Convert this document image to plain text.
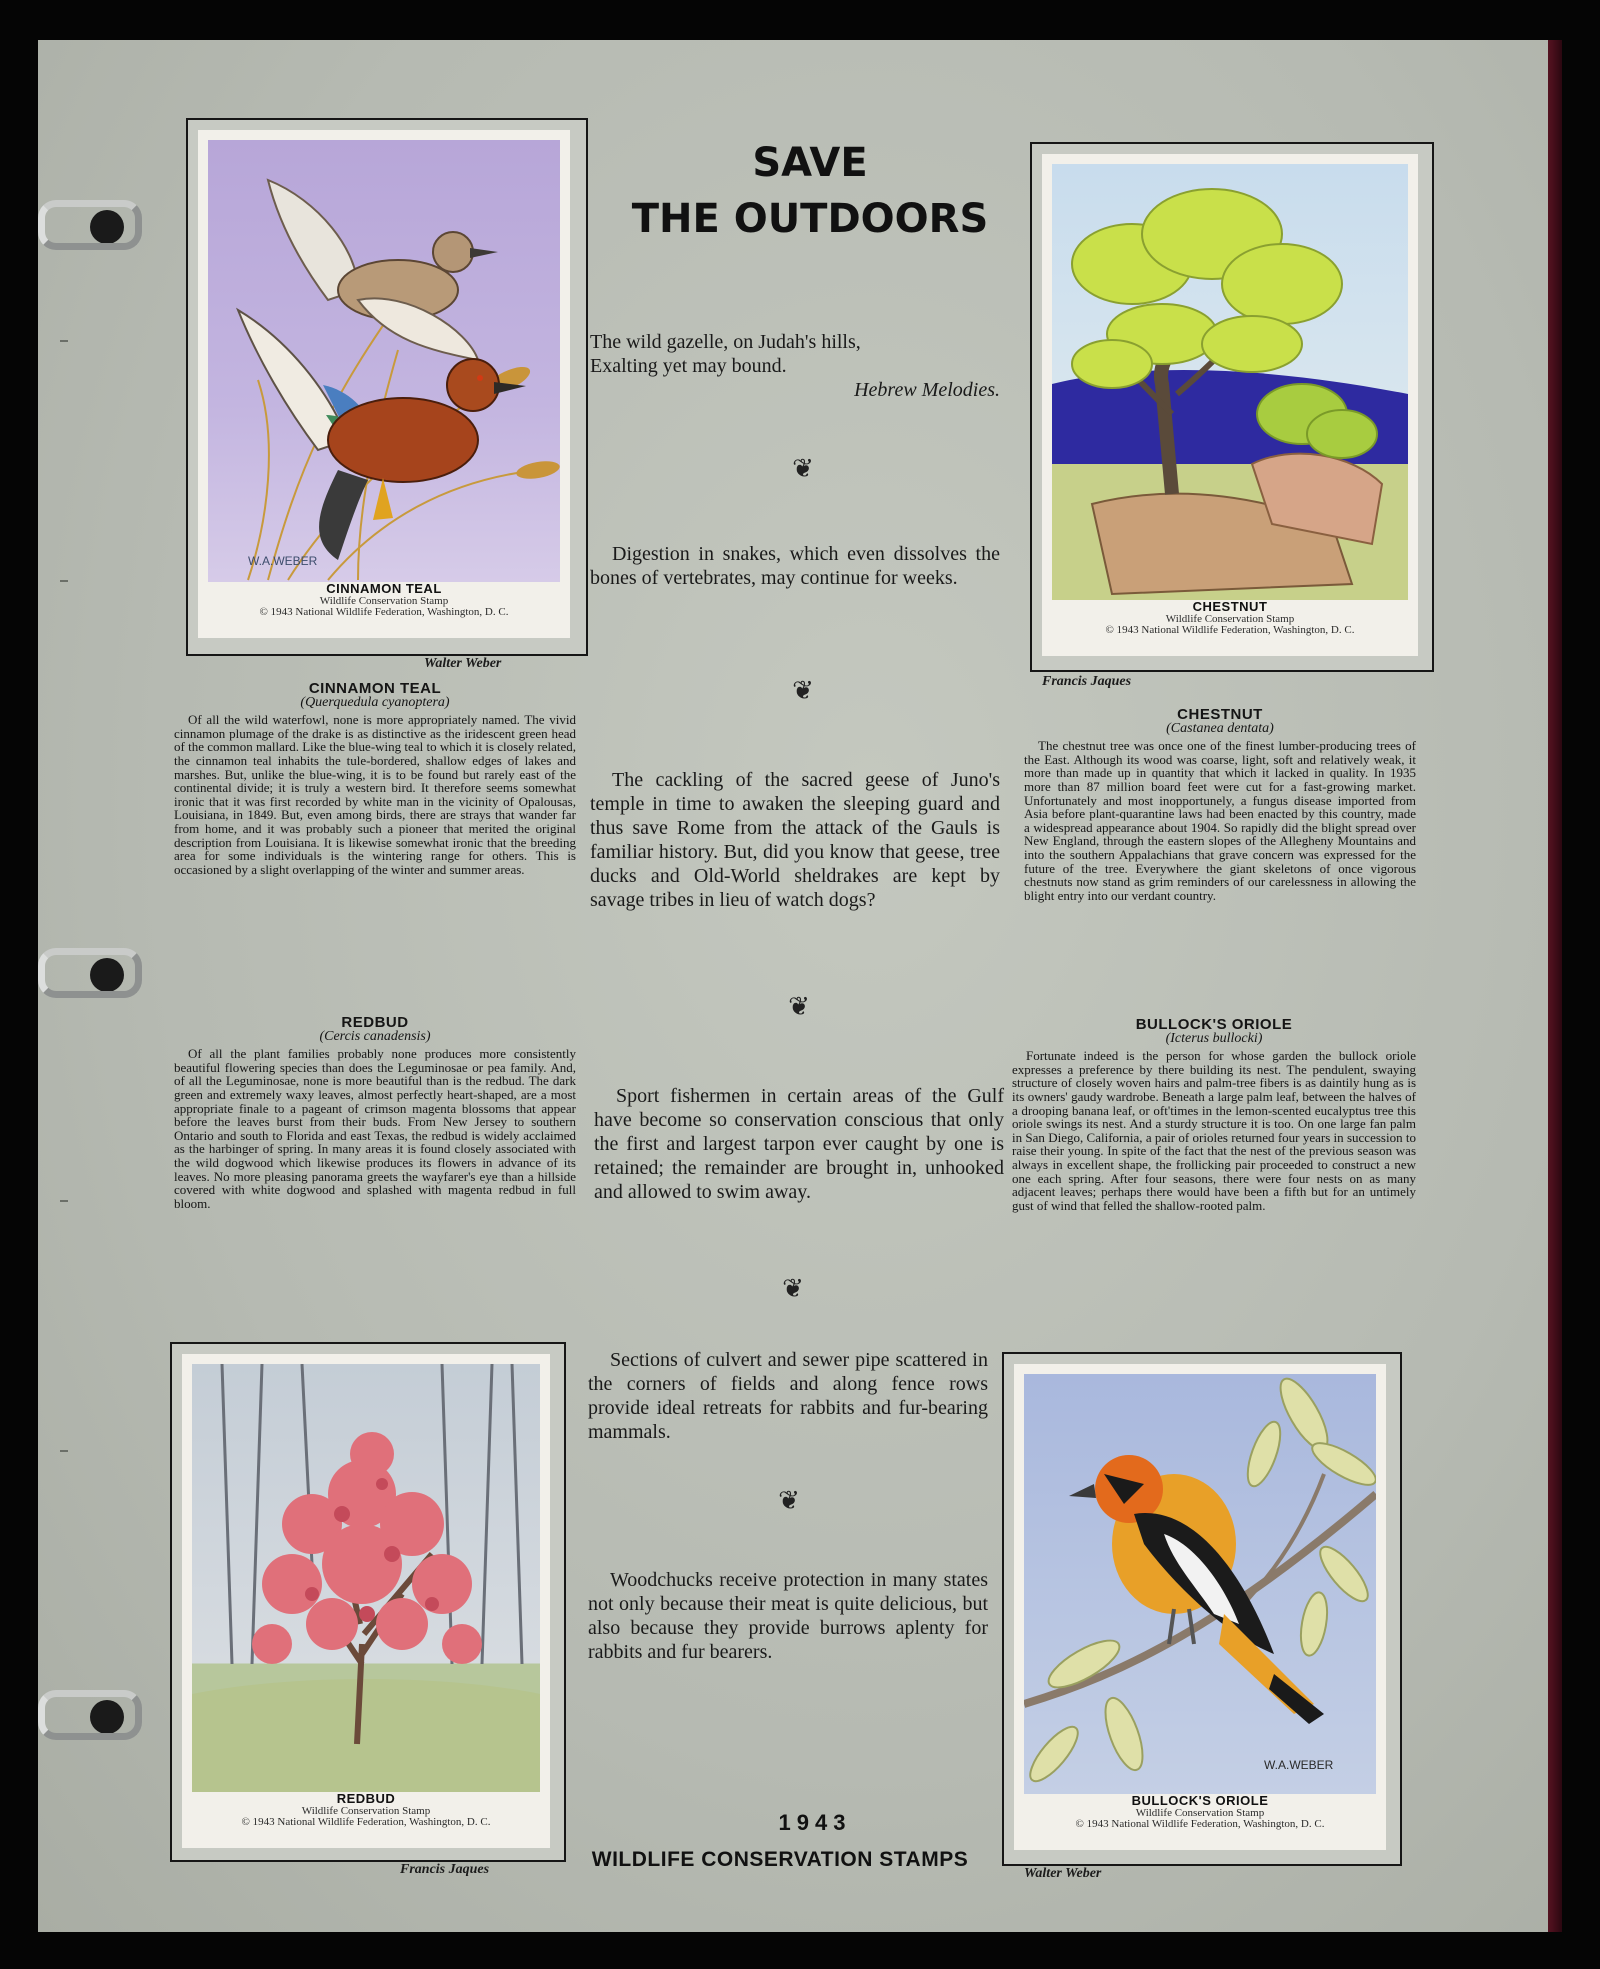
SAVE
THE OUTDOORS
W.A.WEBER
CINNAMON TEAL
Wildlife Conservation Stamp
© 1943 National Wildlife Federation, Washington, D. C.
Walter Weber
CHESTNUT
Wildlife Conservation Stamp
© 1943 National Wildlife Federation, Washington, D. C.
Francis Jaques
REDBUD
Wildlife Conservation Stamp
© 1943 National Wildlife Federation, Washington, D. C.
Francis Jaques
W.A.WEBER
BULLOCK'S ORIOLE
Wildlife Conservation Stamp
© 1943 National Wildlife Federation, Washington, D. C.
Walter Weber
The wild gazelle, on Judah's hills,
Exalting yet may bound.
Hebrew Melodies.
❦
Digestion in snakes, which even dissolves the bones of vertebrates, may continue for weeks.
❦
The cackling of the sacred geese of Juno's temple in time to awaken the sleeping guard and thus save Rome from the attack of the Gauls is familiar history. But, did you know that geese, tree ducks and Old-World sheldrakes are kept by savage tribes in lieu of watch dogs?
❦
Sport fishermen in certain areas of the Gulf have become so conservation conscious that only the first and largest tarpon ever caught by one is retained; the remainder are brought in, unhooked and allowed to swim away.
❦
Sections of culvert and sewer pipe scattered in the corners of fields and along fence rows provide ideal retreats for rabbits and fur-bearing mammals.
❦
Woodchucks receive protection in many states not only because their meat is quite delicious, but also because they provide burrows aplenty for rabbits and fur bearers.
CINNAMON TEAL
(Querquedula cyanoptera)

Of all the wild waterfowl, none is more appropriately named. The vivid cinnamon plumage of the drake is as distinctive as the iridescent green head of the common mallard. Like the blue-wing teal to which it is closely related, the cinnamon teal inhabits the tule-bordered, shallow edges of lakes and marshes. But, unlike the blue-wing, it is to be found but rarely east of the continental divide; it is truly a western bird. It therefore seems somewhat ironic that it was first recorded by white man in the vicinity of Opalousas, Louisiana, in 1849. But, even among birds, there are strays that wander far from home, and it was probably such a pioneer that merited the original description from Louisiana. It is likewise somewhat ironic that the breeding area for some individuals is the wintering range for others. This is occasioned by a slight overlapping of the winter and summer areas.

REDBUD
(Cercis canadensis)

Of all the plant families probably none produces more consistently beautiful flowering species than does the Leguminosae or pea family. And, of all the Leguminosae, none is more beautiful than is the redbud. The dark green and extremely waxy leaves, almost perfectly heart-shaped, are a most appropriate finale to a pageant of crimson magenta blossoms that appear before the leaves burst from their buds. From New Jersey to southern Ontario and south to Florida and east Texas, the redbud is widely acclaimed as the harbinger of spring. In many areas it is found closely associated with the wild dogwood which likewise produces its flowers in advance of its leaves. No more pleasing panorama greets the wayfarer's eye than a hillside covered with white dogwood and splashed with magenta redbud in full bloom.

CHESTNUT
(Castanea dentata)

The chestnut tree was once one of the finest lumber-producing trees of the East. Although its wood was coarse, light, soft and relatively weak, it more than made up in quantity that which it lacked in quality. In 1935 more than 87 million board feet were cut for a fast-growing market. Unfortunately and most inopportunely, a fungus disease imported from Asia before plant-quarantine laws had been enacted by this country, made a widespread appearance about 1904. So rapidly did the blight spread over New England, through the eastern slopes of the Allegheny Mountains and into the southern Appalachians that grave concern was expressed for the future of the tree. Everywhere the giant skeletons of once vigorous chestnuts now stand as grim reminders of our carelessness in allowing the blight entry into our verdant country.

BULLOCK'S ORIOLE
(Icterus bullocki)

Fortunate indeed is the person for whose garden the bullock oriole expresses a preference by there building its nest. The pendulent, swaying structure of closely woven hairs and palm-tree fibers is as daintily hung as is its owners' gaudy wardrobe. Beneath a large palm leaf, between the halves of a drooping banana leaf, or oft'times in the lemon-scented eucalyptus tree this oriole swings its nest. And a sturdy structure it is too. On one large fan palm in San Diego, California, a pair of orioles returned four years in succession to raise their young. In spite of the fact that the nest of the previous season was always in excellent shape, the frollicking pair proceeded to construct a new one each spring. After four seasons, there were four nests on as many adjacent leaves; perhaps there would have been a fifth but for an untimely gust of wind that felled the shallow-rooted palm.

1943
WILDLIFE CONSERVATION STAMPS
